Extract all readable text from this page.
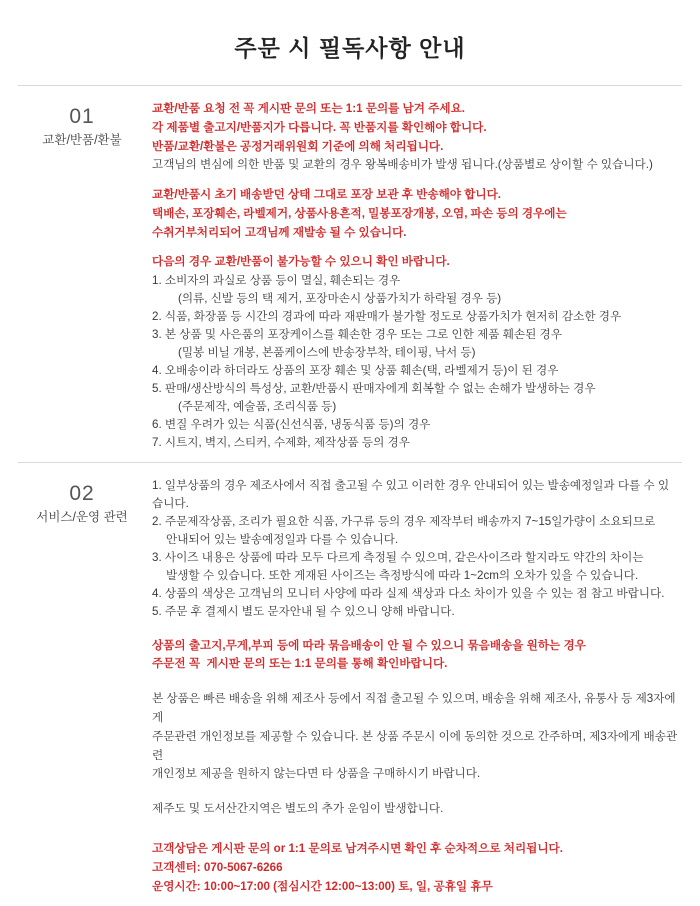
주문 시 필독사항 안내
01
교환/반품/환불
교환/반품 요청 전 꼭 게시판 문의 또는 1:1 문의를 남겨 주세요.
각 제품별 출고지/반품지가 다릅니다. 꼭 반품지를 확인해야 합니다.
반품/교환/환불은 공정거래위원회 기준에 의해 처리됩니다.
고객님의 변심에 의한 반품 및 교환의 경우 왕복배송비가 발생 됩니다.(상품별로 상이할 수 있습니다.)
교환/반품시 초기 배송받던 상태 그대로 포장 보관 후 반송해야 합니다.
택배손, 포장훼손, 라벨제거, 상품사용흔적, 밀봉포장개봉, 오염, 파손 등의 경우에는
수취거부처리되어 고객님께 재발송 될 수 있습니다.
다음의 경우 교환/반품이 불가능할 수 있으니 확인 바랍니다.
1. 소비자의 과실로 상품 등이 멸실, 훼손되는 경우
(의류, 신발 등의 택 제거, 포장마손시 상품가치가 하락될 경우 등)
2. 식품, 화장품 등 시간의 경과에 따라 재판매가 불가할 정도로 상품가치가 현저히 감소한 경우
3. 본 상품 및 사은품의 포장케이스를 훼손한 경우 또는 그로 인한 제품 훼손된 경우
(밀봉 비닐 개봉, 본품케이스에 반송장부착, 테이핑, 낙서 등)
4. 오배송이라 하더라도 상품의 포장 훼손 및 상품 훼손(택, 라벨제거 등)이 된 경우
5. 판매/생산방식의 특성상, 교환/반품시 판매자에게 회복할 수 없는 손해가 발생하는 경우
(주문제작, 예술품, 조리식품 등)
6. 변질 우려가 있는 식품(신선식품, 냉동식품 등)의 경우
7. 시트지, 벽지, 스티커, 수제화, 제작상품 등의 경우
02
서비스/운영 관련
1. 일부상품의 경우 제조사에서 직접 출고될 수 있고 이러한 경우 안내되어 있는 발송예정일과 다를 수 있습니다.
2. 주문제작상품, 조리가 필요한 식품, 가구류 등의 경우 제작부터 배송까지 7~15일가량이 소요되므로
안내되어 있는 발송예정일과 다를 수 있습니다.
3. 사이즈 내용은 상품에 따라 모두 다르게 측정될 수 있으며, 같은사이즈라 할지라도 약간의 차이는
발생할 수 있습니다. 또한 게재된 사이즈는 측정방식에 따라 1~2cm의 오차가 있을 수 있습니다.
4. 상품의 색상은 고객님의 모니터 사양에 따라 실제 색상과 다소 차이가 있을 수 있는 점 참고 바랍니다.
5. 주문 후 결제시 별도 문자안내 될 수 있으니 양해 바랍니다.
상품의 출고지,무게,부피 등에 따라 묶음배송이 안 될 수 있으니 묶음배송을 원하는 경우
주문전 꼭  게시판 문의 또는 1:1 문의를 통해 확인바랍니다.
본 상품은 빠른 배송을 위해 제조사 등에서 직접 출고될 수 있으며, 배송을 위해 제조사, 유통사 등 제3자에게
주문관련 개인정보를 제공할 수 있습니다. 본 상품 주문시 이에 동의한 것으로 간주하며, 제3자에게 배송관련
개인정보 제공을 원하지 않는다면 타 상품을 구매하시기 바랍니다.
제주도 및 도서산간지역은 별도의 추가 운임이 발생합니다.
고객상담은 게시판 문의 or 1:1 문의로 남겨주시면 확인 후 순차적으로 처리됩니다.
고객센터: 070-5067-6266
운영시간: 10:00~17:00 (점심시간 12:00~13:00) 토, 일, 공휴일 휴무
